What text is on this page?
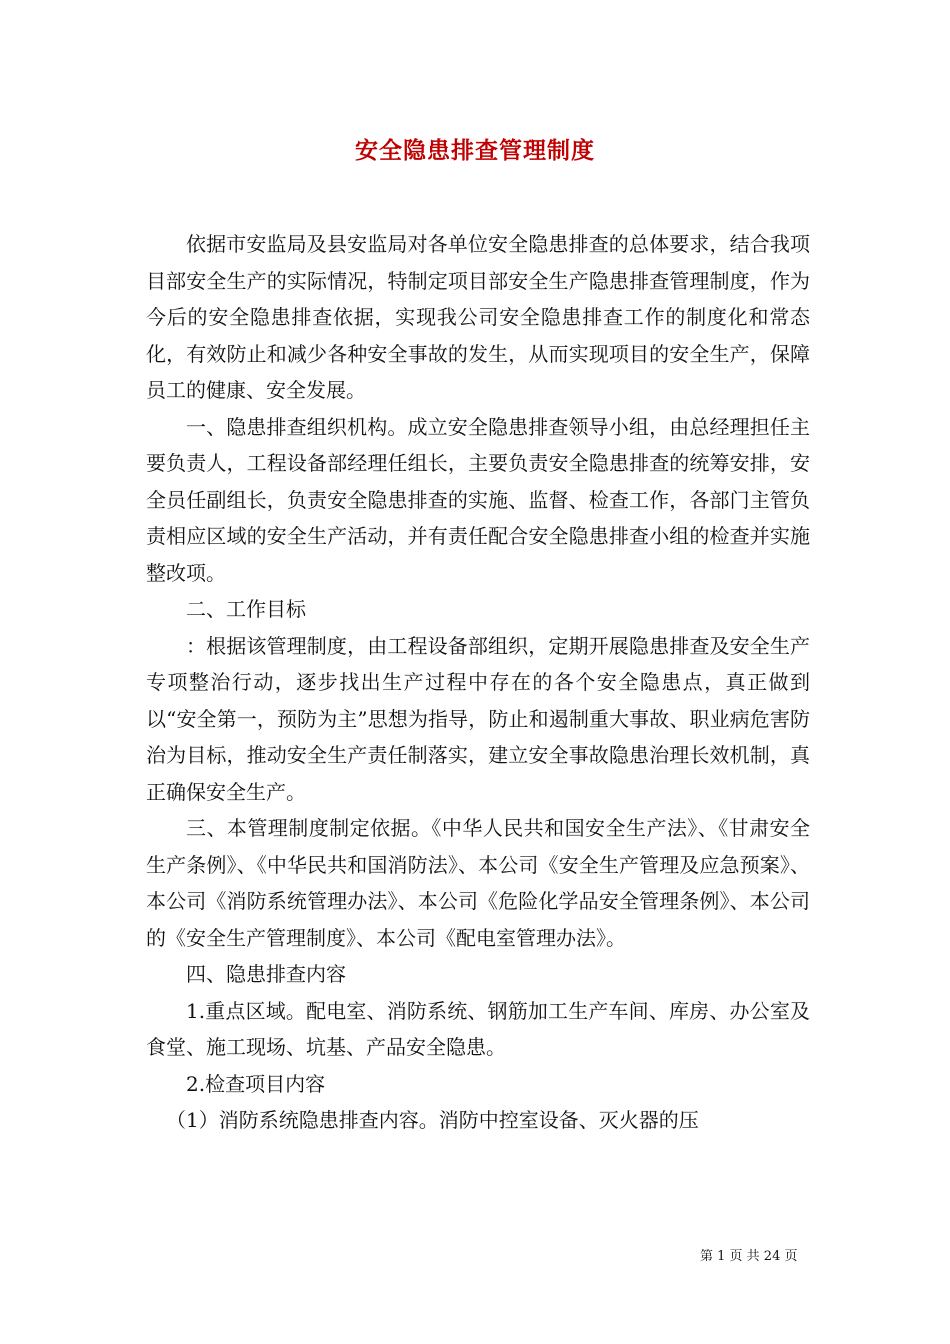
安全隐患排查管理制度

依据市安监局及县安监局对各单位安全隐患排查的总体要求，结合我项目部安全生产的实际情况，特制定项目部安全生产隐患排查管理制度，作为今后的安全隐患排查依据，实现我公司安全隐患排查工作的制度化和常态化，有效防止和减少各种安全事故的发生，从而实现项目的安全生产，保障员工的健康、安全发展。

一、隐患排查组织机构。成立安全隐患排查领导小组，由总经理担任主要负责人，工程设备部经理任组长，主要负责安全隐患排查的统筹安排，安全员任副组长，负责安全隐患排查的实施、监督、检查工作，各部门主管负责相应区域的安全生产活动，并有责任配合安全隐患排查小组的检查并实施整改项。

二、工作目标

：根据该管理制度，由工程设备部组织，定期开展隐患排查及安全生产专项整治行动，逐步找出生产过程中存在的各个安全隐患点，真正做到以“安全第一，预防为主”思想为指导，防止和遏制重大事故、职业病危害防治为目标，推动安全生产责任制落实，建立安全事故隐患治理长效机制，真正确保安全生产。

三、本管理制度制定依据。《中华人民共和国安全生产法》、《甘肃安全生产条例》、《中华民共和国消防法》、本公司《安全生产管理及应急预案》、本公司《消防系统管理办法》、本公司《危险化学品安全管理条例》、本公司的《安全生产管理制度》、本公司《配电室管理办法》。

四、隐患排查内容

1.重点区域。配电室、消防系统、钢筋加工生产车间、库房、办公室及食堂、施工现场、坑基、产品安全隐患。

2.检查项目内容

（1）消防系统隐患排查内容。消防中控室设备、灭火器的压

第 1 页 共 24 页
